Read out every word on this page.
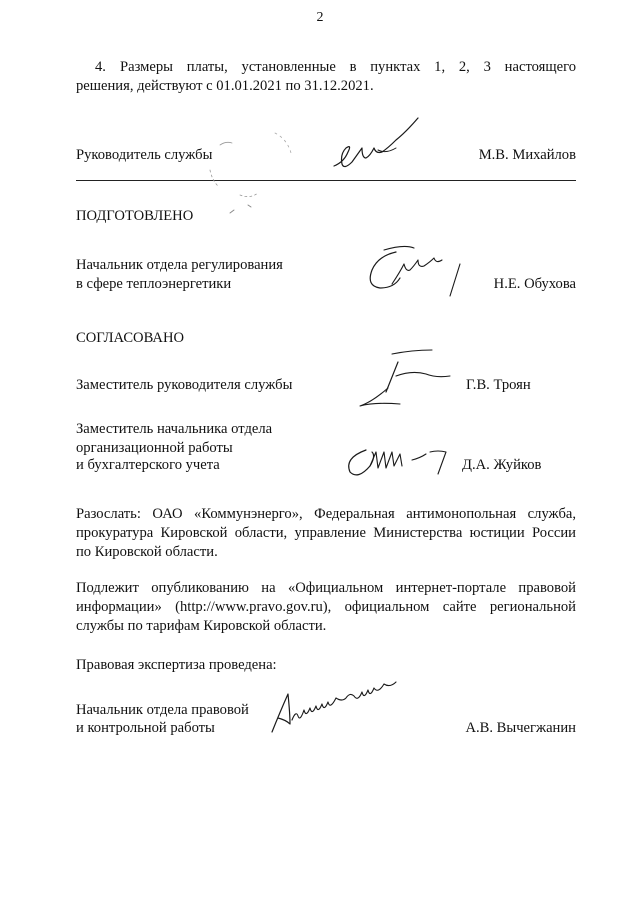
2
4. Размеры платы, установленные в пунктах 1, 2, 3 настоящего
решения, действуют с 01.01.2021 по 31.12.2021.
Руководитель службы	М.В. Михайлов
ПОДГОТОВЛЕНО
Начальник отдела регулирования
в сфере теплоэнергетики	Н.Е. Обухова
СОГЛАСОВАНО
Заместитель руководителя службы	Г.В. Троян
Заместитель начальника отдела
организационной работы
и бухгалтерского учета	Д.А. Жуйков
Разослать: ОАО «Коммунэнерго», Федеральная антимонопольная служба,
прокуратура Кировской области, управление Министерства юстиции России
по Кировской области.
Подлежит опубликованию на «Официальном интернет-портале правовой
информации» (http://www.pravo.gov.ru), официальном сайте региональной
службы по тарифам Кировской области.
Правовая экспертиза проведена:
Начальник отдела правовой
и контрольной работы	А.В. Вычегжанин
